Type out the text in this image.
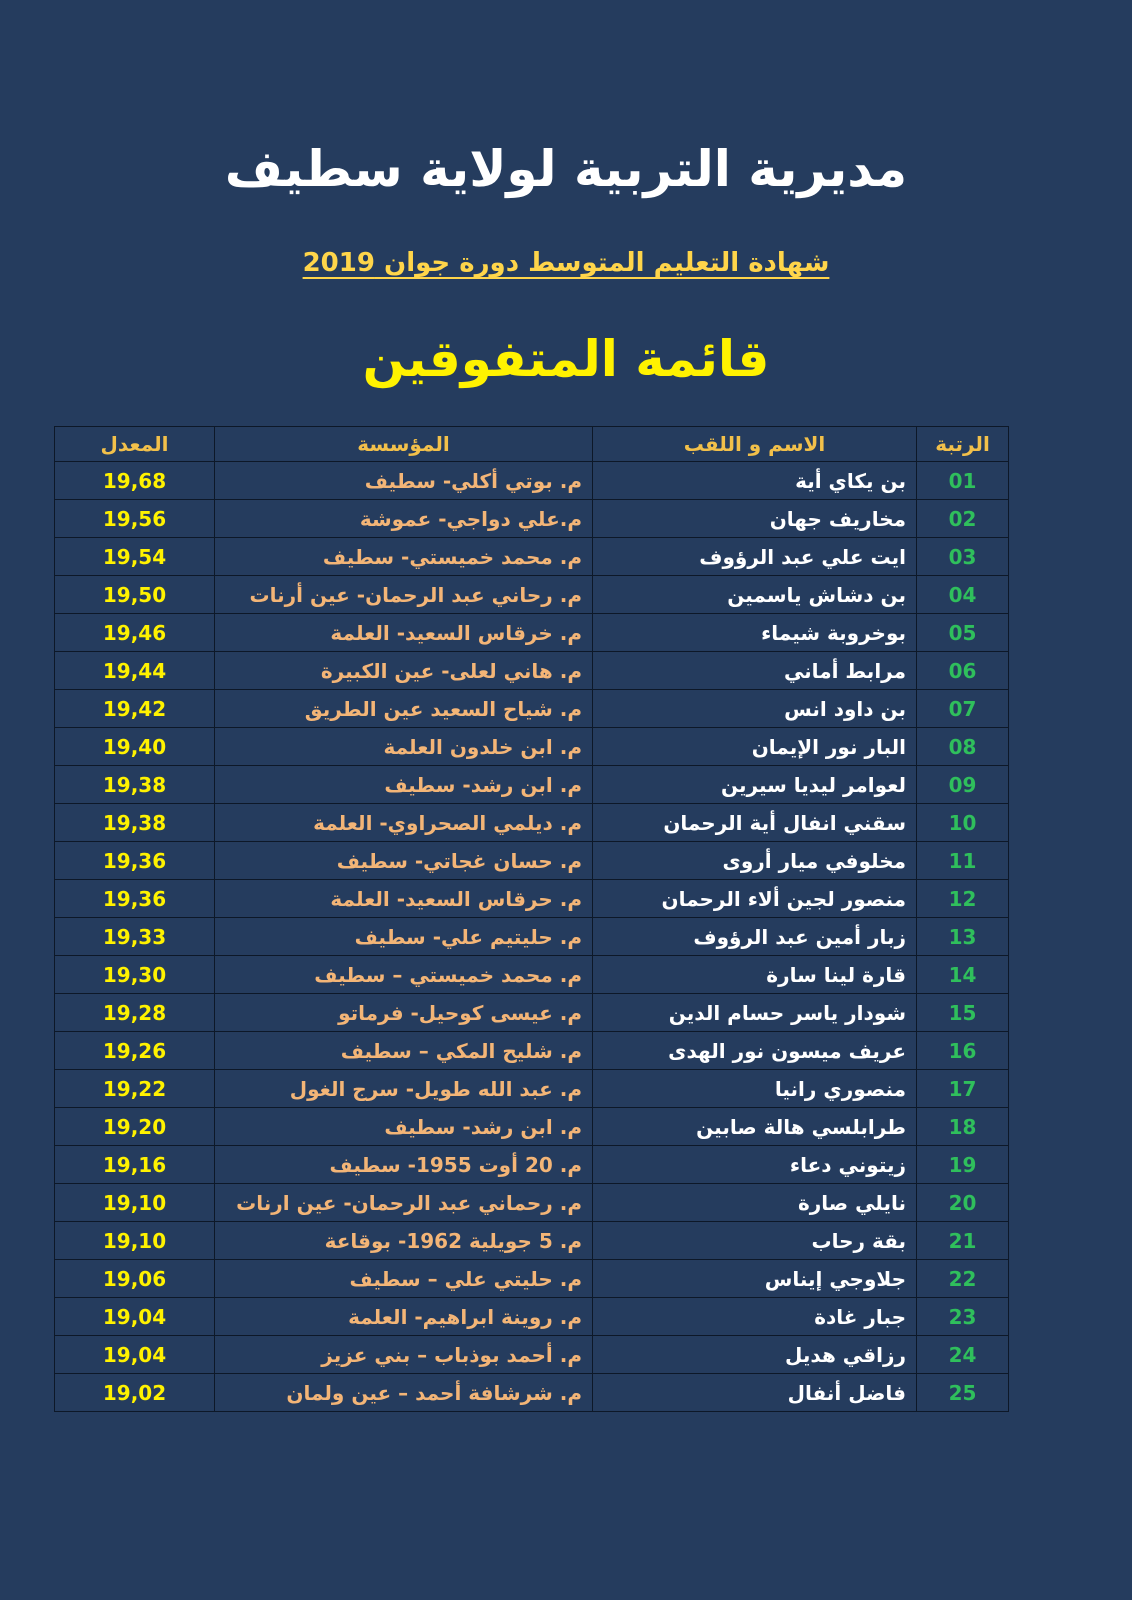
مديرية التربية لولاية سطيف
شهادة التعليم المتوسط دورة جوان 2019
قائمة المتفوقين
الرتبة	الاسم و اللقب	المؤسسة	المعدل
01	بن يكاي أية	م. بوتي أكلي- سطيف	19,68
02	مخاريف جهان	م.علي دواجي- عموشة	19,56
03	ايت علي عبد الرؤوف	م. محمد خميستي- سطيف	19,54
04	بن دشاش ياسمين	م. رحاني عبد الرحمان- عين أرنات	19,50
05	بوخروبة شيماء	م. خرقاس السعيد- العلمة	19,46
06	مرابط أماني	م. هاني لعلى- عين الكبيرة	19,44
07	بن داود انس	م. شياح السعيد عين الطريق	19,42
08	البار نور الإيمان	م. ابن خلدون العلمة	19,40
09	لعوامر ليديا سيرين	م. ابن رشد- سطيف	19,38
10	سقني انفال أية الرحمان	م. ديلمي الصحراوي- العلمة	19,38
11	مخلوفي ميار أروى	م. حسان غجاتي- سطيف	19,36
12	منصور لجين ألاء الرحمان	م. حرقاس السعيد- العلمة	19,36
13	زبار أمين عبد الرؤوف	م. حليتيم علي- سطيف	19,33
14	قارة لينا سارة	م. محمد خميستي – سطيف	19,30
15	شودار ياسر حسام الدين	م. عيسى كوحيل- فرماتو	19,28
16	عريف ميسون نور الهدى	م. شليح المكي – سطيف	19,26
17	منصوري رانيا	م. عبد الله طويل- سرج الغول	19,22
18	طرابلسي هالة صابين	م. ابن رشد- سطيف	19,20
19	زيتوني دعاء	م. 20 أوت 1955- سطيف	19,16
20	نايلي صارة	م. رحماني عبد الرحمان- عين ارنات	19,10
21	بقة رحاب	م. 5 جويلية 1962- بوقاعة	19,10
22	جلاوجي إيناس	م. حليتي علي – سطيف	19,06
23	جبار غادة	م. روينة ابراهيم- العلمة	19,04
24	رزاقي هديل	م. أحمد بوذباب – بني عزيز	19,04
25	فاضل أنفال	م. شرشافة أحمد – عين ولمان	19,02
